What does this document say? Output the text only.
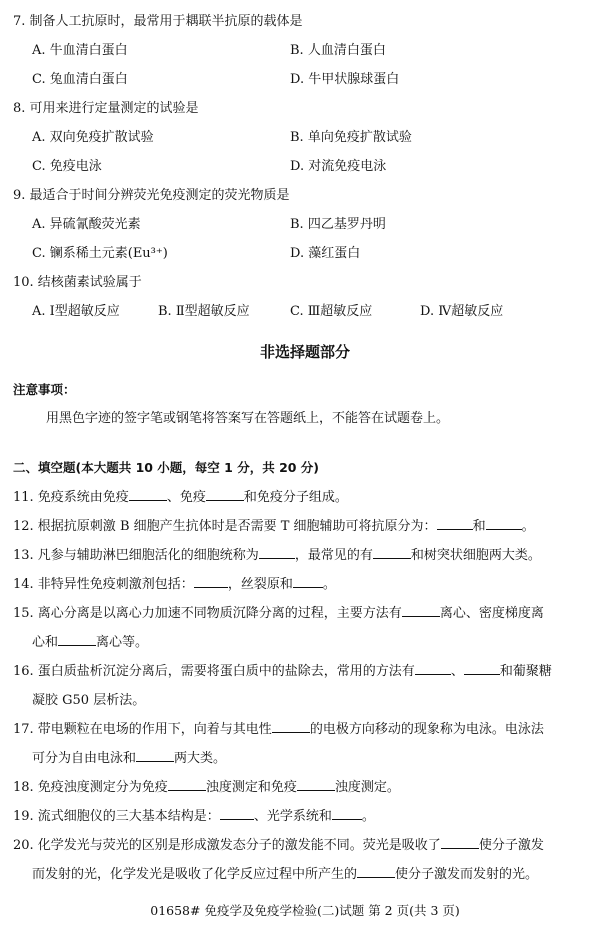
7. 制备人工抗原时，最常用于耦联半抗原的载体是
A. 牛血清白蛋白	B. 人血清白蛋白
C. 兔血清白蛋白	D. 牛甲状腺球蛋白
8. 可用来进行定量测定的试验是
A. 双向免疫扩散试验	B. 单向免疫扩散试验
C. 免疫电泳	D. 对流免疫电泳
9. 最适合于时间分辨荧光免疫测定的荧光物质是
A. 异硫氰酸荧光素	B. 四乙基罗丹明
C. 镧系稀土元素(Eu³⁺)	D. 藻红蛋白
10. 结核菌素试验属于
A. Ⅰ型超敏反应	B. Ⅱ型超敏反应	C. Ⅲ超敏反应	D. Ⅳ超敏反应
非选择题部分
注意事项：
用黑色字迹的签字笔或钢笔将答案写在答题纸上，不能答在试题卷上。
二、填空题(本大题共 10 小题，每空 1 分，共 20 分)
11. 免疫系统由免疫	、免疫	和免疫分子组成。
12. 根据抗原刺激 B 细胞产生抗体时是否需要 T 细胞辅助可将抗原分为：	和	。
13. 凡参与辅助淋巴细胞活化的细胞统称为	，最常见的有	和树突状细胞两大类。
14. 非特异性免疫刺激剂包括：	，丝裂原和 。
15. 离心分离是以离心力加速不同物质沉降分离的过程，主要方法有	离心、密度梯度离
心和	离心等。
16. 蛋白质盐析沉淀分离后，需要将蛋白质中的盐除去，常用的方法有	、	和葡聚糖
凝胶 G50 层析法。
17. 带电颗粒在电场的作用下，向着与其电性	的电极方向移动的现象称为电泳。电泳法
可分为自由电泳和	两大类。
18. 免疫浊度测定分为免疫	浊度测定和免疫	浊度测定。
19. 流式细胞仪的三大基本结构是：	、光学系统和 。
20. 化学发光与荧光的区别是形成激发态分子的激发能不同。荧光是吸收了	使分子激发
而发射的光，化学发光是吸收了化学反应过程中所产生的	使分子激发而发射的光。
01658# 免疫学及免疫学检验(二)试题 第 2 页(共 3 页)
